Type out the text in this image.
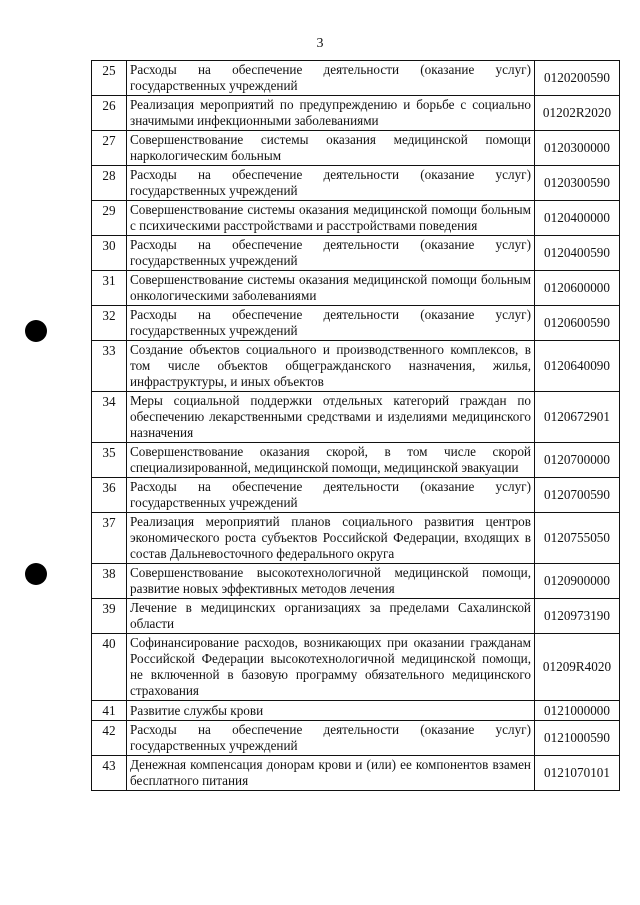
3
25	Расходы на обеспечение деятельности (оказание услуг) государственных учреждений	0120200590
26	Реализация мероприятий по предупреждению и борьбе с социально значимыми инфекционными заболеваниями	01202R2020
27	Совершенствование системы оказания медицинской помощи наркологическим больным	0120300000
28	Расходы на обеспечение деятельности (оказание услуг) государственных учреждений	0120300590
29	Совершенствование системы оказания медицинской помощи больным с психическими расстройствами и расстройствами поведения	0120400000
30	Расходы на обеспечение деятельности (оказание услуг) государственных учреждений	0120400590
31	Совершенствование системы оказания медицинской помощи больным онкологическими заболеваниями	0120600000
32	Расходы на обеспечение деятельности (оказание услуг) государственных учреждений	0120600590
33	Создание объектов социального и производственного комплексов, в том числе объектов общегражданского назначения, жилья, инфраструктуры, и иных объектов	0120640090
34	Меры социальной поддержки отдельных категорий граждан по обеспечению лекарственными средствами и изделиями медицинского назначения	0120672901
35	Совершенствование оказания скорой, в том числе скорой специализированной, медицинской помощи, медицинской эвакуации	0120700000
36	Расходы на обеспечение деятельности (оказание услуг) государственных учреждений	0120700590
37	Реализация мероприятий планов социального развития центров экономического роста субъектов Российской Федерации, входящих в состав Дальневосточного федерального округа	0120755050
38	Совершенствование высокотехнологичной медицинской помощи, развитие новых эффективных методов лечения	0120900000
39	Лечение в медицинских организациях за пределами Сахалинской области	0120973190
40	Софинансирование расходов, возникающих при оказании гражданам Российской Федерации высокотехнологичной медицинской помощи, не включенной в базовую программу обязательного медицинского страхования	01209R4020
41	Развитие службы крови	0121000000
42	Расходы на обеспечение деятельности (оказание услуг) государственных учреждений	0121000590
43	Денежная компенсация донорам крови и (или) ее компонентов взамен бесплатного питания	0121070101
